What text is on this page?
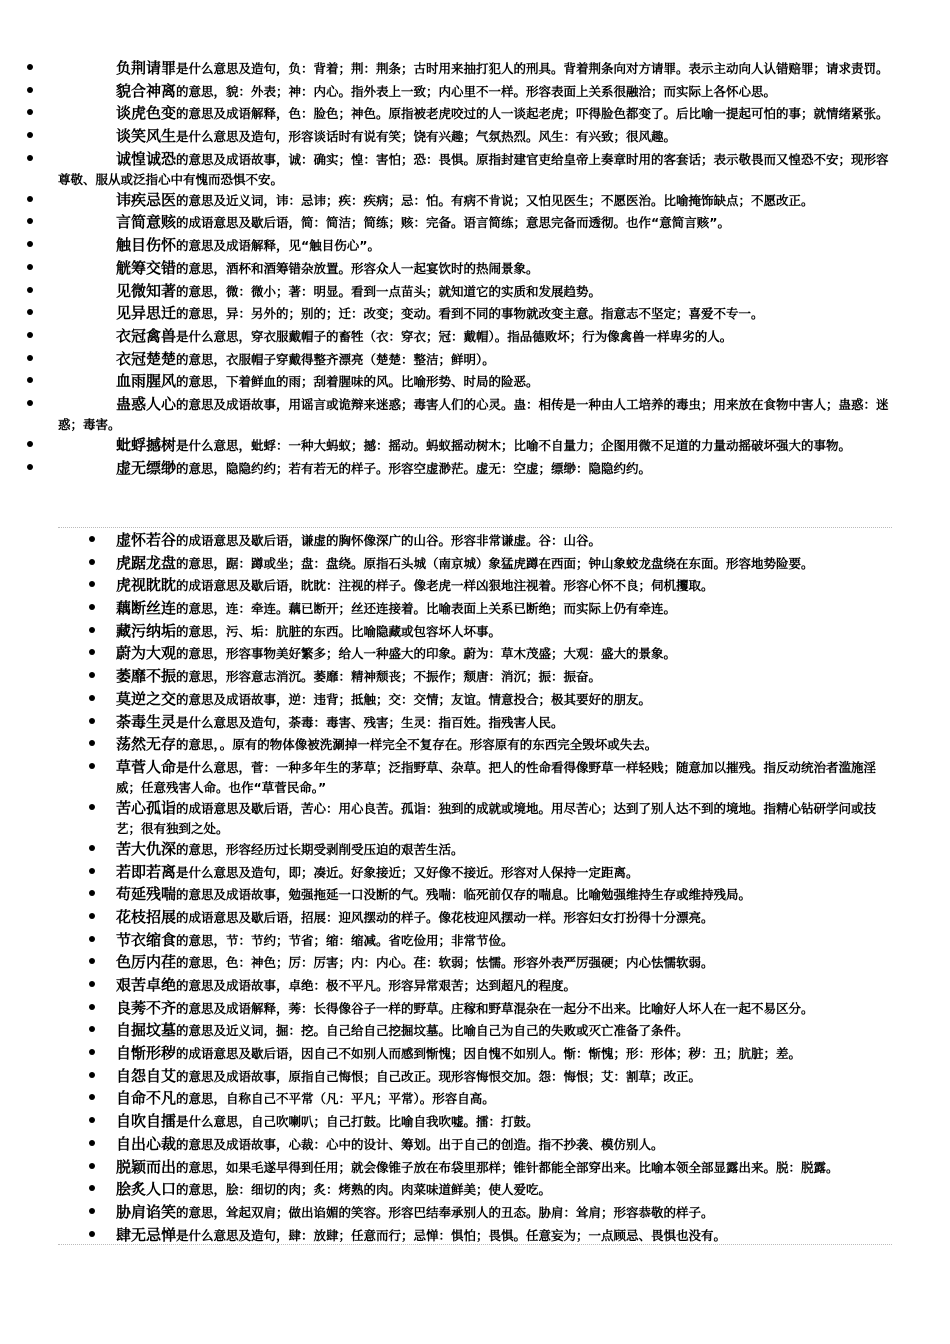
负荆请罪是什么意思及造句，负：背着；荆：荆条；古时用来抽打犯人的刑具。背着荆条向对方请罪。表示主动向人认错赔罪；请求责罚。
貌合神离的意思，貌：外表；神：内心。指外表上一致；内心里不一样。形容表面上关系很融洽；而实际上各怀心思。
谈虎色变的意思及成语解释，色：脸色；神色。原指被老虎咬过的人一谈起老虎；吓得脸色都变了。后比喻一提起可怕的事；就情绪紧张。
谈笑风生是什么意思及造句，形容谈话时有说有笑；饶有兴趣；气氛热烈。风生：有兴致；很风趣。
诚惶诚恐的意思及成语故事，诚：确实；惶：害怕；恐：畏惧。原指封建官吏给皇帝上奏章时用的客套话；表示敬畏而又惶恐不安；现形容尊敬、服从或泛指心中有愧而恐惧不安。
讳疾忌医的意思及近义词，讳：忌讳；疾：疾病；忌：怕。有病不肯说；又怕见医生；不愿医治。比喻掩饰缺点；不愿改正。
言简意赅的成语意思及歇后语，简：简洁；简练；赅：完备。语言简练；意思完备而透彻。也作“意简言赅”。
触目伤怀的意思及成语解释，见“触目伤心”。
觥筹交错的意思，酒杯和酒筹错杂放置。形容众人一起宴饮时的热闹景象。
见微知著的意思，微：微小；著：明显。看到一点苗头；就知道它的实质和发展趋势。
见异思迁的意思，异：另外的；别的；迁：改变；变动。看到不同的事物就改变主意。指意志不坚定；喜爱不专一。
衣冠禽兽是什么意思，穿衣服戴帽子的畜牲（衣：穿衣；冠：戴帽）。指品德败坏；行为像禽兽一样卑劣的人。
衣冠楚楚的意思，衣服帽子穿戴得整齐漂亮（楚楚：整洁；鲜明）。
血雨腥风的意思，下着鲜血的雨；刮着腥味的风。比喻形势、时局的险恶。
蛊惑人心的意思及成语故事，用谣言或诡辩来迷惑；毒害人们的心灵。蛊：相传是一种由人工培养的毒虫；用来放在食物中害人；蛊惑：迷惑；毒害。
蚍蜉撼树是什么意思，蚍蜉：一种大蚂蚁；撼：摇动。蚂蚁摇动树木；比喻不自量力；企图用微不足道的力量动摇破坏强大的事物。
虚无缥缈的意思，隐隐约约；若有若无的样子。形容空虚渺茫。虚无：空虚；缥缈：隐隐约约。
虚怀若谷的成语意思及歇后语，谦虚的胸怀像深广的山谷。形容非常谦虚。谷：山谷。
虎踞龙盘的意思，踞：蹲或坐；盘：盘绕。原指石头城（南京城）象猛虎蹲在西面；钟山象蛟龙盘绕在东面。形容地势险要。
虎视眈眈的成语意思及歇后语，眈眈：注视的样子。像老虎一样凶狠地注视着。形容心怀不良；伺机攫取。
藕断丝连的意思，连：牵连。藕已断开；丝还连接着。比喻表面上关系已断绝；而实际上仍有牵连。
藏污纳垢的意思，污、垢：肮脏的东西。比喻隐藏或包容坏人坏事。
蔚为大观的意思，形容事物美好繁多；给人一种盛大的印象。蔚为：草木茂盛；大观：盛大的景象。
萎靡不振的意思，形容意志消沉。萎靡：精神颓丧；不振作；颓唐：消沉；振：振奋。
莫逆之交的意思及成语故事，逆：违背；抵触；交：交情；友谊。情意投合；极其要好的朋友。
荼毒生灵是什么意思及造句，荼毒：毒害、残害；生灵：指百姓。指残害人民。
荡然无存的意思，。原有的物体像被洗涮掉一样完全不复存在。形容原有的东西完全毁坏或失去。
草菅人命是什么意思，菅：一种多年生的茅草；泛指野草、杂草。把人的性命看得像野草一样轻贱；随意加以摧残。指反动统治者滥施淫威；任意残害人命。也作“草菅民命。”
苦心孤诣的成语意思及歇后语，苦心：用心良苦。孤诣：独到的成就或境地。用尽苦心；达到了别人达不到的境地。指精心钻研学问或技艺；很有独到之处。
苦大仇深的意思，形容经历过长期受剥削受压迫的艰苦生活。
若即若离是什么意思及造句，即；凑近。好象接近；又好像不接近。形容对人保持一定距离。
苟延残喘的意思及成语故事，勉强拖延一口没断的气。残喘：临死前仅存的喘息。比喻勉强维持生存或维持残局。
花枝招展的成语意思及歇后语，招展：迎风摆动的样子。像花枝迎风摆动一样。形容妇女打扮得十分漂亮。
节衣缩食的意思，节：节约；节省；缩：缩减。省吃俭用；非常节俭。
色厉内荏的意思，色：神色；厉：厉害；内：内心。荏：软弱；怯懦。形容外表严厉强硬；内心怯懦软弱。
艰苦卓绝的意思及成语故事，卓绝：极不平凡。形容异常艰苦；达到超凡的程度。
良莠不齐的意思及成语解释，莠：长得像谷子一样的野草。庄稼和野草混杂在一起分不出来。比喻好人坏人在一起不易区分。
自掘坟墓的意思及近义词，掘：挖。自己给自己挖掘坟墓。比喻自己为自己的失败或灭亡准备了条件。
自惭形秽的成语意思及歇后语，因自己不如别人而感到惭愧；因自愧不如别人。惭：惭愧；形：形体；秽：丑；肮脏；差。
自怨自艾的意思及成语故事，原指自己悔恨；自己改正。现形容悔恨交加。怨：悔恨；艾：割草；改正。
自命不凡的意思，自称自己不平常（凡：平凡；平常）。形容自高。
自吹自擂是什么意思，自己吹喇叭；自己打鼓。比喻自我吹嘘。擂：打鼓。
自出心裁的意思及成语故事，心裁：心中的设计、筹划。出于自己的创造。指不抄袭、模仿别人。
脱颖而出的意思，如果毛遂早得到任用；就会像锥子放在布袋里那样；锥针都能全部穿出来。比喻本领全部显露出来。脱：脱露。
脍炙人口的意思，脍：细切的肉；炙：烤熟的肉。肉菜味道鲜美；使人爱吃。
胁肩谄笑的意思，耸起双肩；做出谄媚的笑容。形容巴结奉承别人的丑态。胁肩：耸肩；形容恭敬的样子。
肆无忌惮是什么意思及造句，肆：放肆；任意而行；忌惮：惧怕；畏惧。任意妄为；一点顾忌、畏惧也没有。
